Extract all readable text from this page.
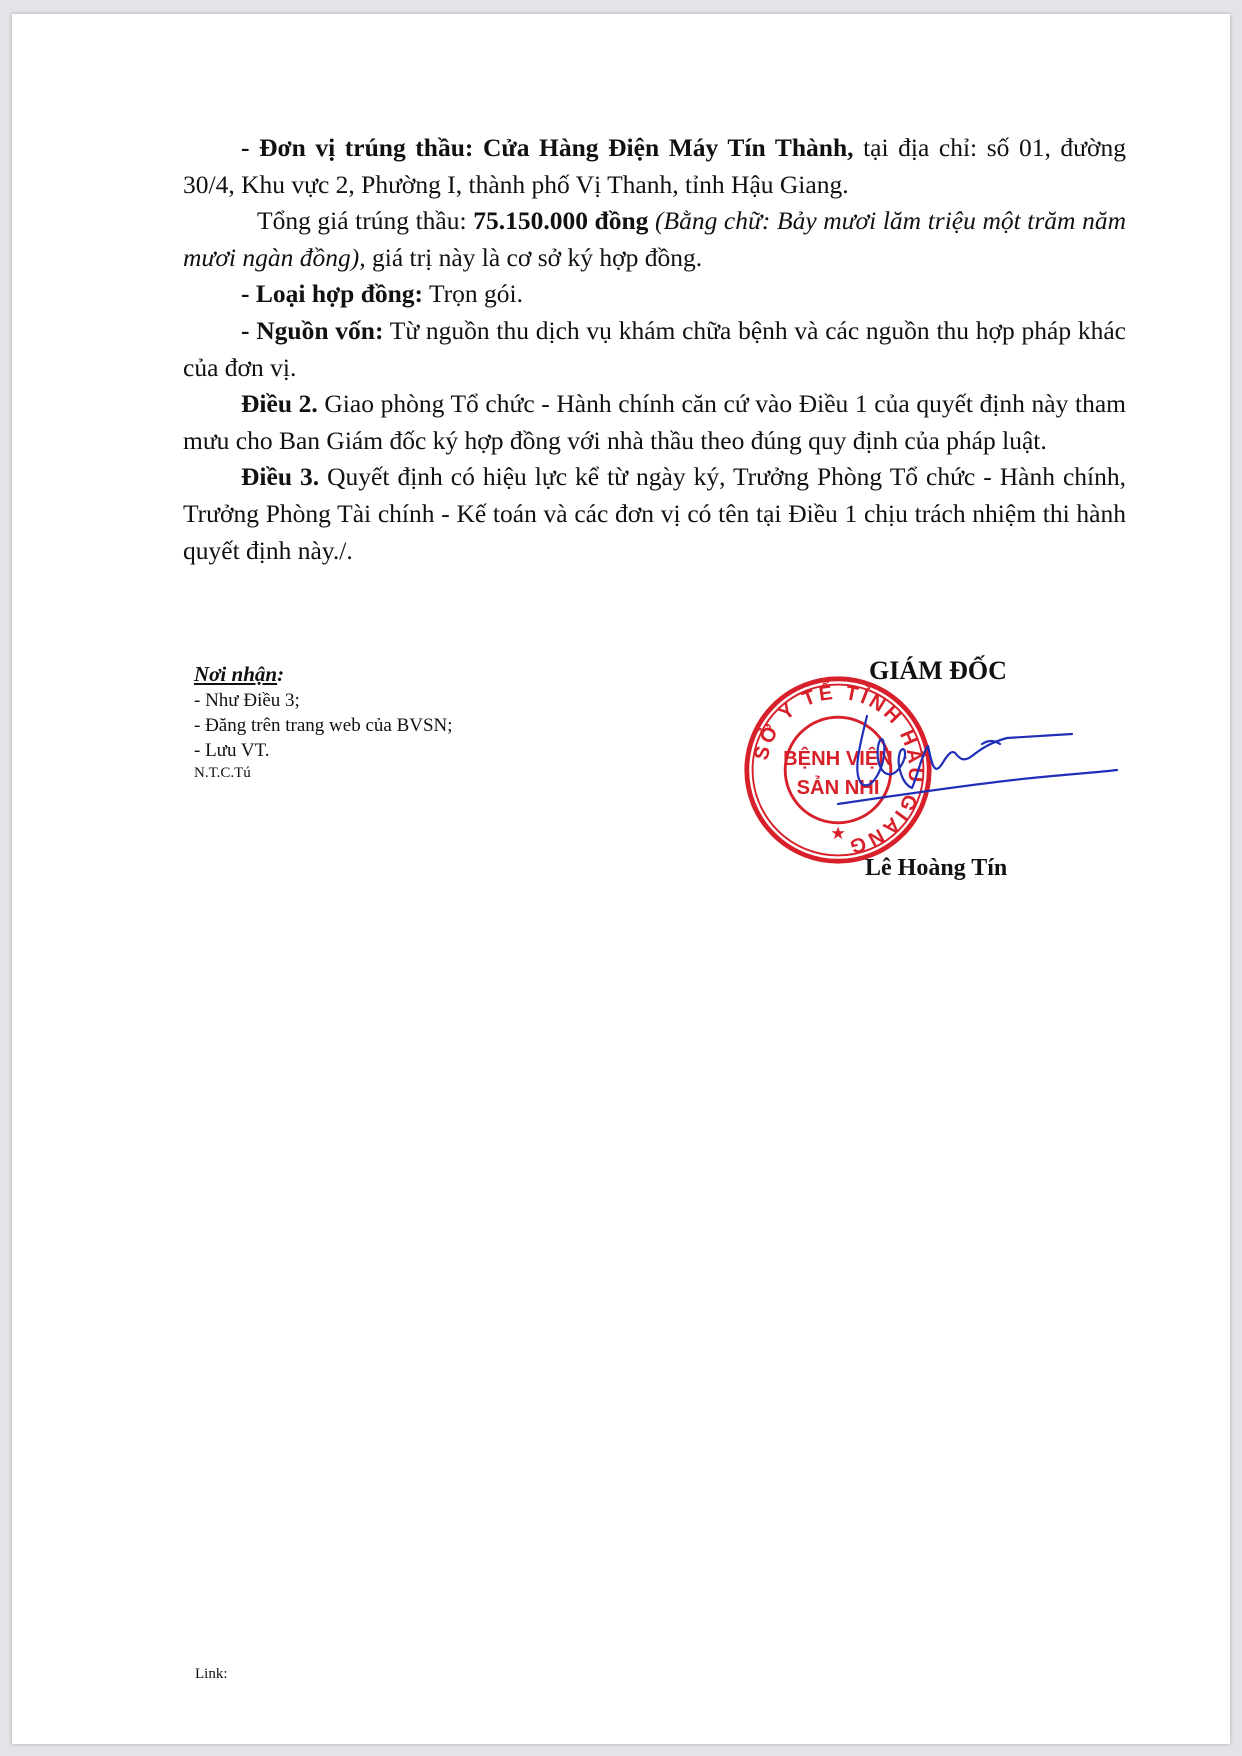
- Đơn vị trúng thầu: Cửa Hàng Điện Máy Tín Thành, tại địa chỉ: số 01, đường 30/4, Khu vực 2, Phường I, thành phố Vị Thanh, tỉnh Hậu Giang.

Tổng giá trúng thầu: 75.150.000 đồng (Bằng chữ: Bảy mươi lăm triệu một trăm năm mươi ngàn đồng), giá trị này là cơ sở ký hợp đồng.

- Loại hợp đồng: Trọn gói.

- Nguồn vốn: Từ nguồn thu dịch vụ khám chữa bệnh và các nguồn thu hợp pháp khác của đơn vị.

Điều 2. Giao phòng Tổ chức - Hành chính căn cứ vào Điều 1 của quyết định này tham mưu cho Ban Giám đốc ký hợp đồng với nhà thầu theo đúng quy định của pháp luật.

Điều 3. Quyết định có hiệu lực kể từ ngày ký, Trưởng Phòng Tổ chức - Hành chính, Trưởng Phòng Tài chính - Kế toán và các đơn vị có tên tại Điều 1 chịu trách nhiệm thi hành quyết định này./.

Nơi nhận:
- Như Điều 3;
- Đăng trên trang web của BVSN;
- Lưu VT.
N.T.C.Tú
GIÁM ĐỐC
SỞ Y TẾ TỈNH HẬU GIANG
★
BỆNH VIỆN
SẢN NHI
Lê Hoàng Tín
Link:
